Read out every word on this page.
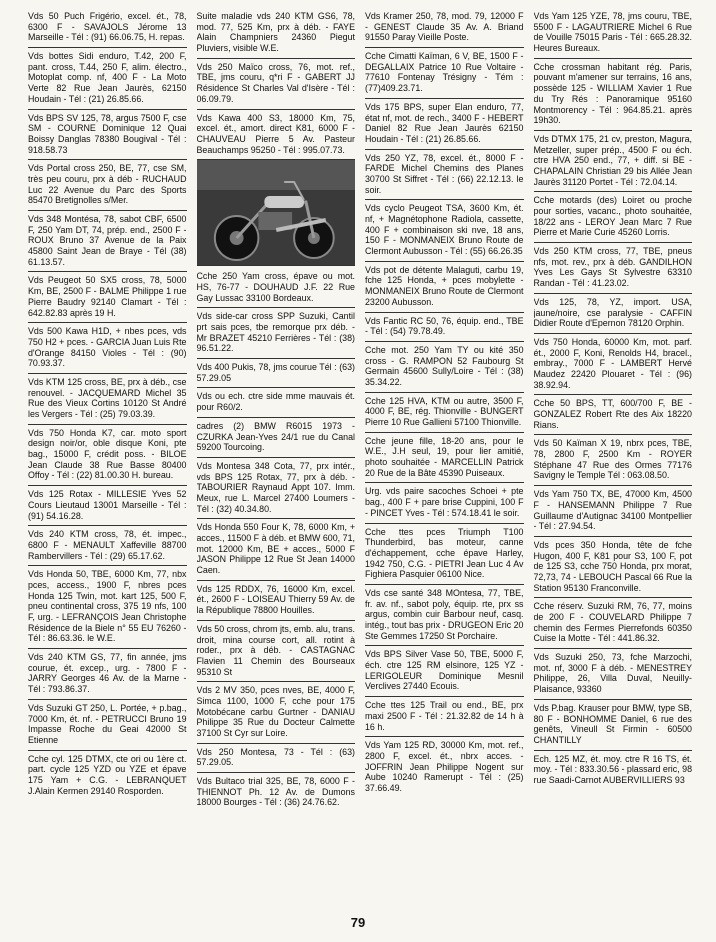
Vds 50 Puch Frigério, excel. ét., 78, 6300 F - SAVAJOLS Jérome 13 Marseille - Tél : (91) 66.06.75, H. repas.
Vds bottes Sidi enduro, T.42, 200 F, pant. cross, T.44, 250 F, alim. électro., Motoplat comp. nf, 400 F - La Moto Verte 82 Rue Jean Jaurès, 62150 Houdain - Tél : (21) 26.85.66.
Vds BPS SV 125, 78, argus 7500 F, cse SM - COURNE Dominique 12 Quai Boissy Danglas 78380 Bougival - Tél : 918.58.73
Vds Portal cross 250, BE, 77, cse SM, très peu couru, prx à déb - RUCHAUD Luc 22 Avenue du Parc des Sports 85470 Bretignolles s/Mer.
Vds 348 Montésa, 78, sabot CBF, 6500 F, 250 Yam DT, 74, prép. end., 2500 F - ROUX Bruno 37 Avenue de la Paix 45800 Saint Jean de Braye - Tél (38) 61.13.57.
Vds Peugeot 50 SX5 cross, 78, 5000 Km, BE, 2500 F - BALME Philippe 1 rue Pierre Baudry 92140 Clamart - Tél : 642.82.83 après 19 H.
Vds 500 Kawa H1D, + nbes pces, vds 750 H2 + pces. - GARCIA Juan Luis Rte d'Orange 84150 Violes - Tél : (90) 70.93.37.
Vds KTM 125 cross, BE, prx à déb., cse renouvel. - JACQUEMARD Michel 35 Rue des Vieux Cortins 10120 St André les Vergers - Tél : (25) 79.03.39.
Vds 750 Honda K7, car. moto sport design noir/or, oble disque Koni, pte bag., 15000 F, crédit poss. - BILOE Jean Claude 38 Rue Basse 80400 Offoy - Tél : (22) 81.00.30 H. bureau.
Vds 125 Rotax - MILLESIE Yves 52 Cours Lieutaud 13001 Marseille - Tél : (91) 54.16.28.
Vds 240 KTM cross, 78, ét. impec., 6800 F - MENAULT Xaffeville 88700 Rambervillers - Tél : (29) 65.17.62.
Vds Honda 50, TBE, 6000 Km, 77, nbx pces, access., 1900 F, nbres pces Honda 125 Twin, mot. kart 125, 500 F, pneu continental cross, 375 19 nfs, 100 F, urg. - LEFRANÇOIS Jean Christophe Résidence de la Biele n° 55 EU 76260 - Tél : 86.63.36. le W.E.
Vds 240 KTM GS, 77, fin année, jms courue, ét. excep., urg. - 7800 F - JARRY Georges 46 Av. de la Marne - Tél : 793.86.37.
Vds Suzuki GT 250, L. Portée, + p.bag., 7000 Km, ét. nf. - PETRUCCI Bruno 19 Impasse Roche du Geai 42000 St Etienne
Cche cyl. 125 DTMX, cte ori ou 1ère ct. part. cycle 125 YZD ou YZE et épave 175 Yam + C.G. - LEBRANQUET J.Alain Kermen 29140 Rosporden.
Suite maladie vds 240 KTM GS6, 78, mod. 77, 525 Km, prx à déb. - FAYE Alain Champniers 24360 Piegut Pluviers, visible W.E.
Vds 250 Maïco cross, 76, mot. ref., TBE, jms couru, q*ri F - GABERT JJ Résidence St Charles Val d'Isère - Tél : 06.09.79.
Vds Kawa 400 S3, 18000 Km, 75, excel. ét., amort. direct K81, 6000 F - CHAUVEAU Pierre 5 Av. Pasteur Beauchamps 95250 - Tél : 995.07.73.
Cche 250 Yam cross, épave ou mot. HS, 76-77 - DOUHAUD J.F. 22 Rue Gay Lussac 33100 Bordeaux.
Vds side-car cross SPP Suzuki, Cantil prt sais pces, tbe remorque prx déb. - Mr BRAZET 45210 Ferrières - Tél : (38) 96.51.22.
Vds 400 Pukis, 78, jms courue Tél : (63) 57.29.05
Vds ou ech. ctre side mme mauvais ét. pour R60/2.
cadres (2) BMW R6015 1973 - CZURKA Jean-Yves 24/1 rue du Canal 59200 Tourcoing.
Vds Montesa 348 Cota, 77, prx intér., vds BPS 125 Rotax, 77, prx à déb. - TABOURIER Raynaud Appt 107. Imm. Meux, rue L. Marcel 27400 Loumers - Tél : (32) 40.34.80.
Vds Honda 550 Four K, 78, 6000 Km, + acces., 11500 F à déb. et BMW 600, 71, mot. 12000 Km, BE + acces., 5000 F JASON Philippe 12 Rue St Jean 14000 Caen.
Vds 125 RDDX, 76, 16000 Km, excel. ét., 2600 F - LOISEAU Thierry 59 Av. de la République 78800 Houilles.
Vds 50 cross, chrom jts, emb. alu, trans. droit, mina course cort, all. rotint à roder., prx à déb. - CASTAGNAC Flavien 11 Chemin des Bourseaux 95310 St
Vds 2 MV 350, pces nves, BE, 4000 F, Simca 1100, 1000 F, cche pour 175 Motobécane carbu Gurtner - DANIAU Philippe 35 Rue du Docteur Calmette 37100 St Cyr sur Loire.
Vds 250 Montesa, 73 - Tél : (63) 57.29.05.
Vds Bultaco trial 325, BE, 78, 6000 F - THIENNOT Ph. 12 Av. de Dumons 18000 Bourges - Tél : (36) 24.76.62.
Vds Kramer 250, 78, mod. 79, 12000 F - GENEST Claude 35 Av. A. Briand 91550 Paray Vieille Poste.
Cche Cimatti Kaïman, 6 V, BE, 1500 F - DEGALLAIX Patrice 10 Rue Voltaire - 77610 Fontenay Trésigny - Tém : (77)409.23.71.
Vds 175 BPS, super Elan enduro, 77, état nf, mot. de rech., 3400 F - HEBERT Daniel 82 Rue Jean Jaurès 62150 Houdain - Tél : (21) 26.85.66.
Vds 250 YZ, 78, excel. ét., 8000 F - FARDE Michel Chemins des Planes 30700 St Siffret - Tél : (66) 22.12.13. le soir.
Vds cyclo Peugeot TSA, 3600 Km, ét. nf, + Magnétophone Radiola, cassette, 400 F + combinaison ski nve, 18 ans, 150 F - MONMANEIX Bruno Route de Clermont Aubusson - Tél : (55) 66.26.35
Vds pot de détente Malaguti, carbu 19, fche 125 Honda, + pces mobylette - MONMANEIX Bruno Route de Clermont 23200 Aubusson.
Vds Fantic RC 50, 76, équip. end., TBE - Tél : (54) 79.78.49.
Cche mot. 250 Yam TY ou kité 350 cross - G. RAMPON 52 Faubourg St Germain 45600 Sully/Loire - Tél : (38) 35.34.22.
Cche 125 HVA, KTM ou autre, 3500 F, 4000 F, BE, rég. Thionville - BUNGERT Pierre 10 Rue Gallieni 57100 Thionville.
Cche jeune fille, 18-20 ans, pour le W.E., J.H seul, 19, pour lier amitié, photo souhaitée - MARCELLIN Patrick 20 Rue de la Bâte 45390 Puiseaux.
Urg. vds paire sacoches Schoei + pte bag., 400 F + pare brise Cuppini, 100 F - PINCET Yves - Tél : 574.18.41 le soir.
Cche ttes pces Triumph T100 Thunderbird, bas moteur, canne d'échappement, cche épave Harley, 1942 750, C.G. - PIETRI Jean Luc 4 Av Fighiera Pasquier 06100 Nice.
Vds cse santé 348 MOntesa, 77, TBE, fr. av. nf., sabot poly, équip. rte, prx ss argus, combin cuir Barbour neuf, casq. intég., tout bas prix - DRUGEON Eric 20 Ste Gemmes 17250 St Porchaire.
Vds BPS Silver Vase 50, TBE, 5000 F, éch. ctre 125 RM elsinore, 125 YZ - LERIGOLEUR Dominique Mesnil Verclives 27440 Ecouis.
Cche ttes 125 Trail ou end., BE, prx maxi 2500 F - Tél : 21.32.82 de 14 h à 16 h.
Vds Yam 125 RD, 30000 Km, mot. ref., 2800 F, excel. ét., nbrx acces. - JOFFRIN Jean Philippe Nogent sur Aube 10240 Ramerupt - Tél : (25) 37.66.49.
Vds Yam 125 YZE, 78, jms couru, TBE, 5500 F - LAGAUTRIERE Michel 6 Rue de Vouille 75015 Paris - Tél : 665.28.32. Heures Bureaux.
Cche crossman habitant rég. Paris, pouvant m'amener sur terrains, 16 ans, possède 125 - WILLIAM Xavier 1 Rue du Try Rés : Panoramique 95160 Montmorency - Tél : 964.85.21. après 19h30.
Vds DTMX 175, 21 cv, preston, Magura, Metzeller, super prép., 4500 F ou éch. ctre HVA 250 end., 77, + diff. si BE - CHAPALAIN Christian 29 bis Allée Jean Jaurès 31120 Portet - Tél : 72.04.14.
Cche motards (des) Loiret ou proche pour sorties, vacanc., photo souhaitée, 18/22 ans - LEROY Jean Marc 7 Rue Pierre et Marie Curie 45260 Lorris.
Vds 250 KTM cross, 77, TBE, pneus nfs, mot. rev., prx à déb. GANDILHON Yves Les Gays St Sylvestre 63310 Randan - Tél : 41.23.02.
Vds 125, 78, YZ, import. USA, jaune/noire, cse paralysie - CAFFIN Didier Route d'Epernon 78120 Orphin.
Vds 750 Honda, 60000 Km, mot. parf. ét., 2000 F, Koni, Renolds H4, bracel., embray., 7000 F - LAMBERT Hervé Maudez 22420 Plouaret - Tél : (96) 38.92.94.
Cche 50 BPS, TT, 600/700 F, BE - GONZALEZ Robert Rte des Aix 18220 Rians.
Vds 50 Kaïman X 19, nbrx pces, TBE, 78, 2800 F, 2500 Km - ROYER Stéphane 47 Rue des Ormes 77176 Savigny le Temple Tél : 063.08.50.
Vds Yam 750 TX, BE, 47000 Km, 4500 F - HANSEMANN Philippe 7 Rue Guillaume d'Autignac 34100 Montpellier - Tél : 27.94.54.
Vds pces 350 Honda, tête de fche Hugon, 400 F, K81 pour S3, 100 F, pot de 125 S3, cche 750 Honda, prx morat, 72,73, 74 - LEBOUCH Pascal 66 Rue la Station 95130 Franconville.
Cche réserv. Suzuki RM, 76, 77, moins de 200 F - COUVELARD Philippe 7 chemin des Fermes Pierrefonds 60350 Cuise la Motte - Tél : 441.86.32.
Vds Suzuki 250, 73, fche Marzochi, mot. nf, 3000 F à déb. - MENESTREY Philippe, 26, Villa Duval, Neuilly-Plaisance, 93360
Vds P.bag. Krauser pour BMW, type SB, 80 F - BONHOMME Daniel, 6 rue des genêts, Vineull St Firmin - 60500 CHANTILLY
Ech. 125 MZ, ét. moy. ctre R 16 TS, ét. moy. - Tél : 833.30.56 - plassard eric, 98 rue Saadi-Carnot AUBERVILLIERS 93
79
